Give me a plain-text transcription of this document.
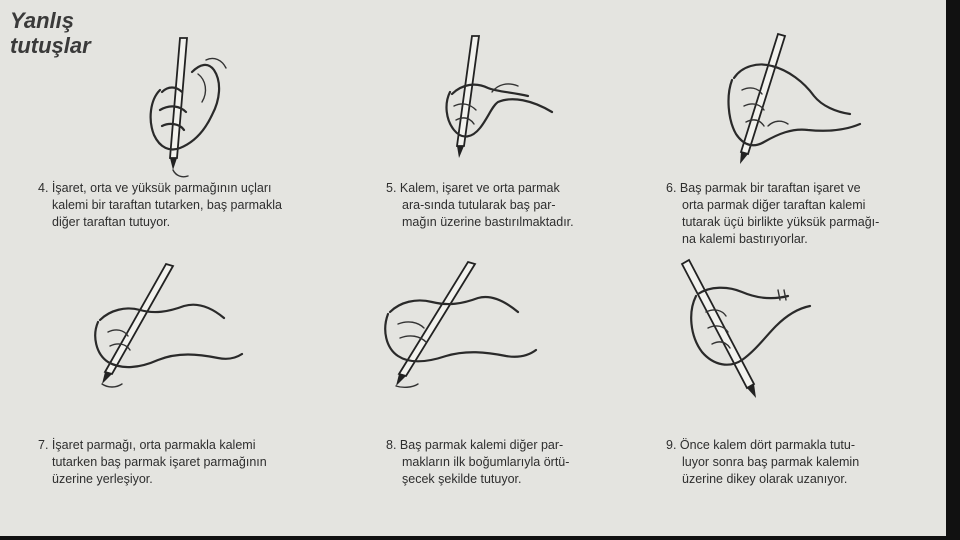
Yanlış
tutuşlar
4. İşaret, orta ve yüksük parmağının uçları
kalemi bir taraftan tutarken, baş parmakla
diğer taraftan tutuyor.
5. Kalem, işaret ve orta parmak
ara-sında tutularak baş par-
mağın üzerine bastırılmaktadır.
6. Baş parmak bir taraftan işaret ve
orta parmak diğer taraftan kalemi
tutarak üçü birlikte yüksük parmağı-
na kalemi bastırıyorlar.
7. İşaret parmağı, orta parmakla kalemi
tutarken baş parmak işaret parmağının
üzerine yerleşiyor.
8. Baş parmak kalemi diğer par-
makların ilk boğumlarıyla örtü-
şecek şekilde tutuyor.
9. Önce kalem dört parmakla tutu-
luyor sonra baş parmak kalemin
üzerine dikey olarak uzanıyor.
